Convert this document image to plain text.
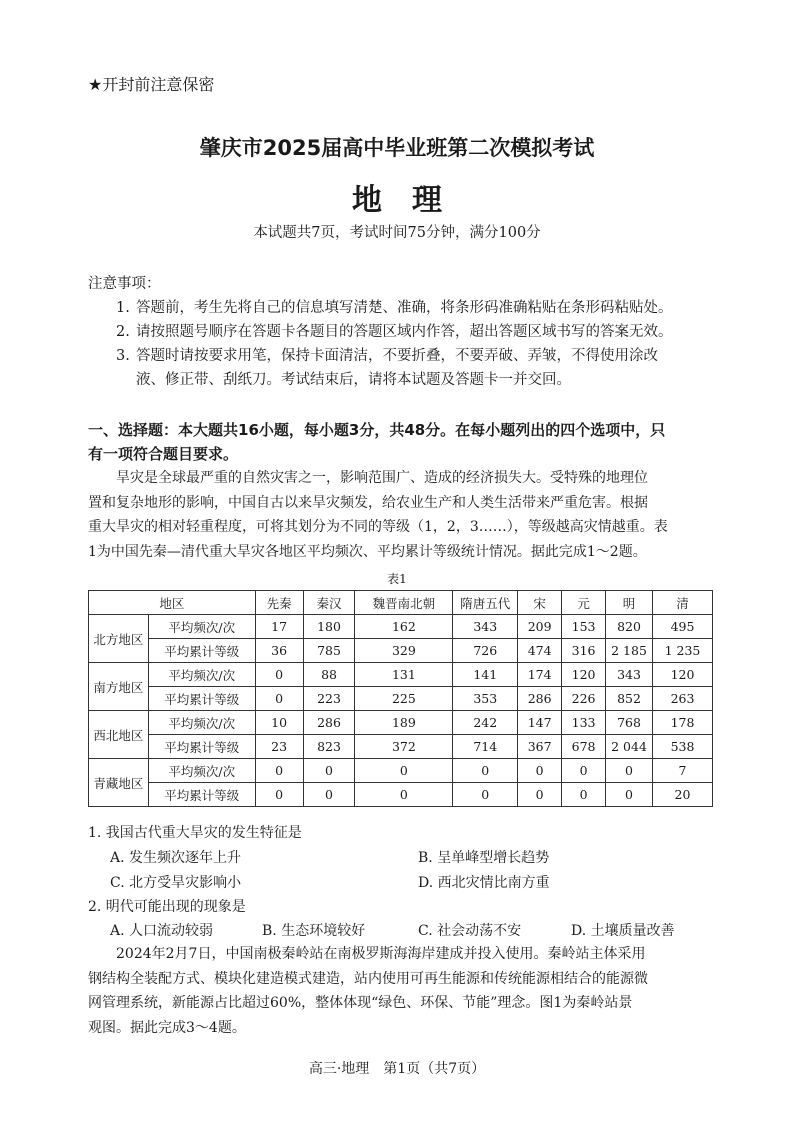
★开封前注意保密
肇庆市2025届高中毕业班第二次模拟考试
地理
本试题共7页，考试时间75分钟，满分100分
注意事项：
1. 答题前，考生先将自己的信息填写清楚、准确，将条形码准确粘贴在条形码粘贴处。
2. 请按照题号顺序在答题卡各题目的答题区域内作答，超出答题区域书写的答案无效。
3. 答题时请按要求用笔，保持卡面清洁，不要折叠，不要弄破、弄皱，不得使用涂改
液、修正带、刮纸刀。考试结束后，请将本试题及答题卡一并交回。
一、选择题：本大题共16小题，每小题3分，共48分。在每小题列出的四个选项中，只
有一项符合题目要求。
旱灾是全球最严重的自然灾害之一，影响范围广、造成的经济损失大。受特殊的地理位
置和复杂地形的影响，中国自古以来旱灾频发，给农业生产和人类生活带来严重危害。根据
重大旱灾的相对轻重程度，可将其划分为不同的等级（1，2，3……），等级越高灾情越重。表
1为中国先秦—清代重大旱灾各地区平均频次、平均累计等级统计情况。据此完成1～2题。
表1
地区		先秦	秦汉	魏晋南北朝	隋唐五代	宋	元	明	清
北方地区	平均频次/次	17	180	162	343	209	153	820	495
	平均累计等级	36	785	329	726	474	316	2 185	1 235
南方地区	平均频次/次	0	88	131	141	174	120	343	120
	平均累计等级	0	223	225	353	286	226	852	263
西北地区	平均频次/次	10	286	189	242	147	133	768	178
	平均累计等级	23	823	372	714	367	678	2 044	538
青藏地区	平均频次/次	0	0	0	0	0	0	0	7
	平均累计等级	0	0	0	0	0	0	0	20
1. 我国古代重大旱灾的发生特征是
A. 发生频次逐年上升	B. 呈单峰型增长趋势
C. 北方受旱灾影响小	D. 西北灾情比南方重
2. 明代可能出现的现象是
A. 人口流动较弱	B. 生态环境较好	C. 社会动荡不安	D. 土壤质量改善
2024年2月7日，中国南极秦岭站在南极罗斯海海岸建成并投入使用。秦岭站主体采用
钢结构全装配方式、模块化建造模式建造，站内使用可再生能源和传统能源相结合的能源微
网管理系统，新能源占比超过60%，整体体现“绿色、环保、节能”理念。图1为秦岭站景
观图。据此完成3～4题。
高三·地理　第1页（共7页）
